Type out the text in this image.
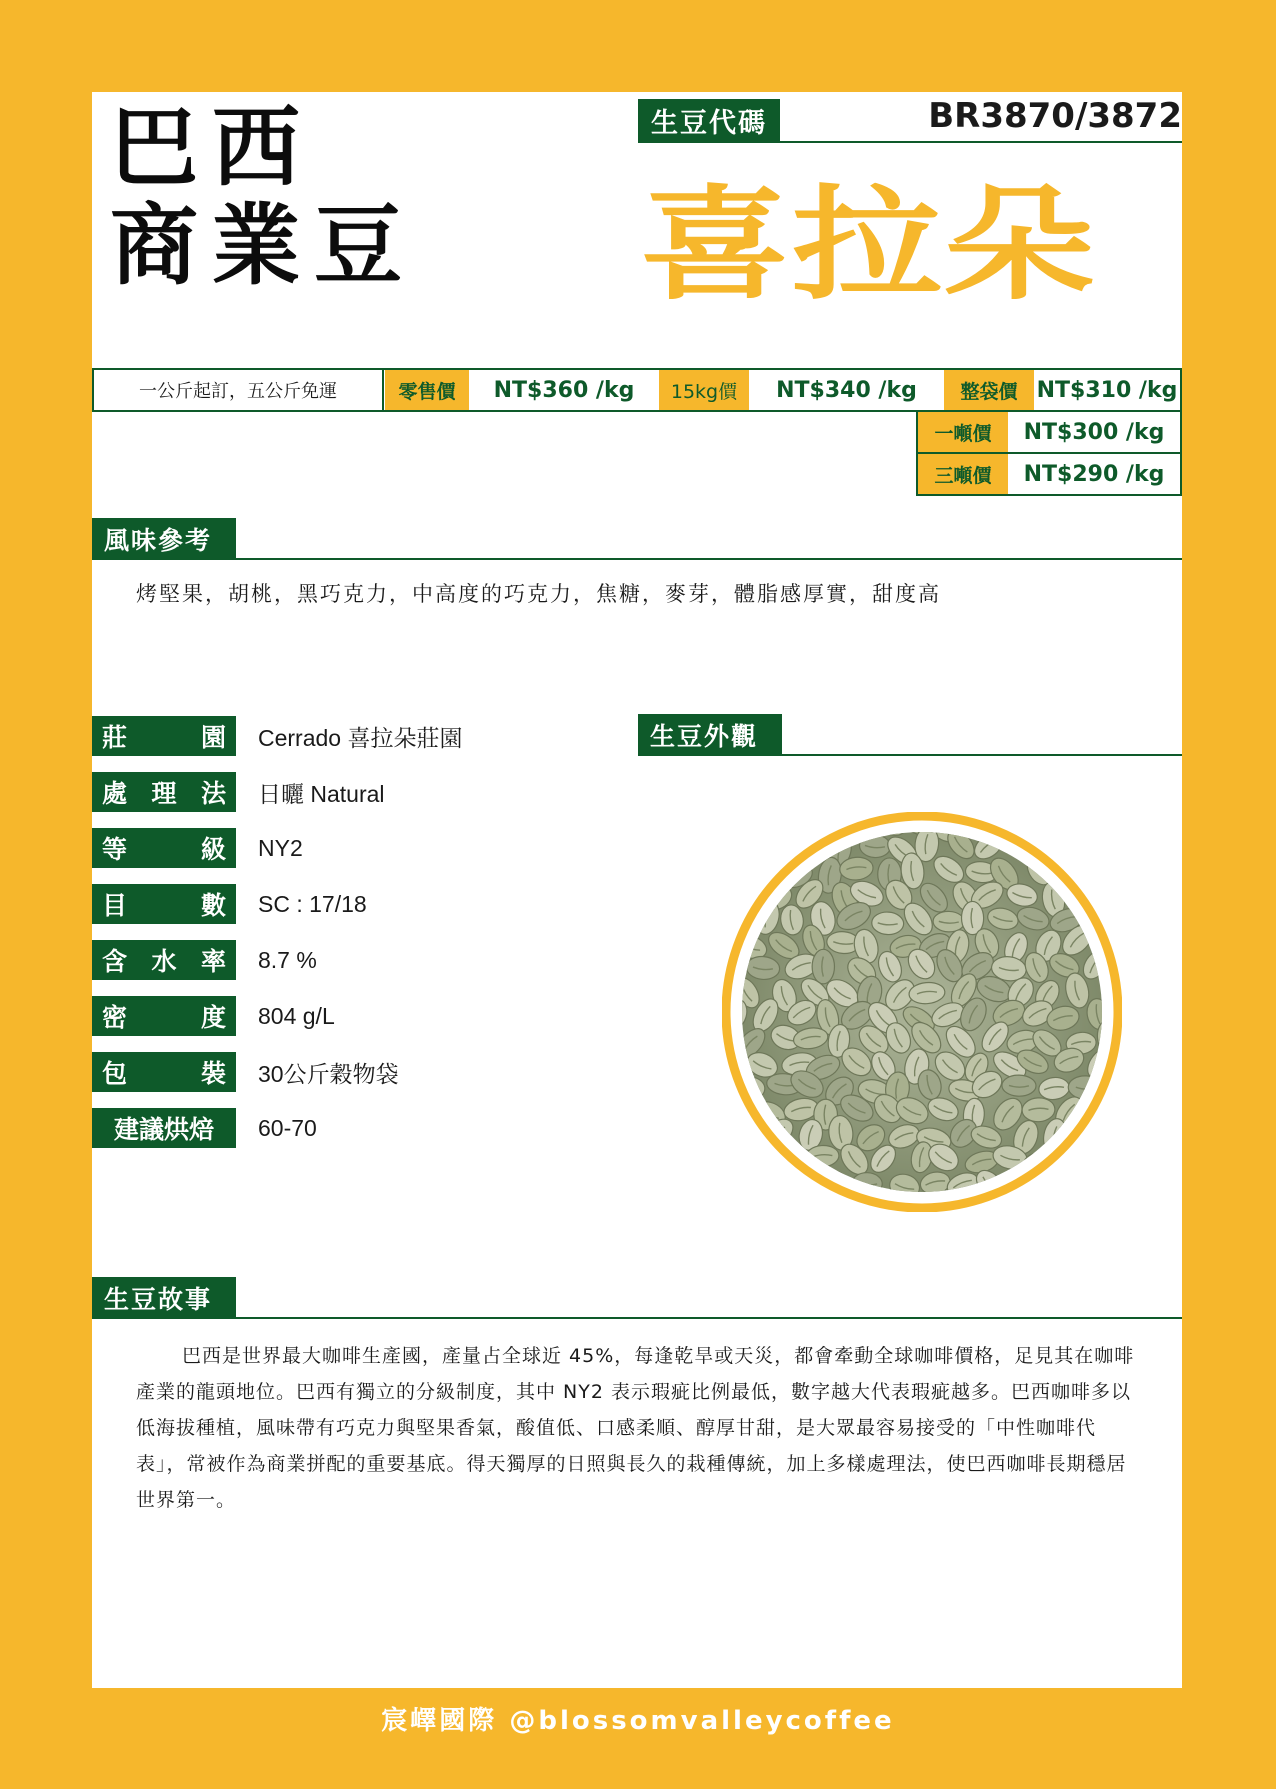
巴西
商業豆
生豆代碼	BR3870/3872
喜拉朵
一公斤起訂，五公斤免運	零售價	NT$360 /kg	15kg價	NT$340 /kg	整袋價 NT$310 /kg
一噸價	NT$300 /kg
三噸價	NT$290 /kg
風味參考
烤堅果，胡桃，黑巧克力，中高度的巧克力，焦糖，麥芽，體脂感厚實，甜度高
莊	園 Cerrado 喜拉朵莊園
處 理 法 日曬 Natural
等	級 NY2
目	數 SC : 17/18
含 水 率 8.7 %
密	度 804 g/L
包	裝 30公斤穀物袋
建議烘焙 60-70
生豆外觀
生豆故事
巴西是世界最大咖啡生產國，產量占全球近 45%，每逢乾旱或天災，都會牽動全球咖啡價格，足見其在咖啡產業的龍頭地位。巴西有獨立的分級制度，其中 NY2 表示瑕疵比例最低，數字越大代表瑕疵越多。巴西咖啡多以低海拔種植，風味帶有巧克力與堅果香氣，酸值低、口感柔順、醇厚甘甜，是大眾最容易接受的「中性咖啡代表」，常被作為商業拼配的重要基底。得天獨厚的日照與長久的栽種傳統，加上多樣處理法，使巴西咖啡長期穩居世界第一。
宸嶧國際 @blossomvalleycoffee
